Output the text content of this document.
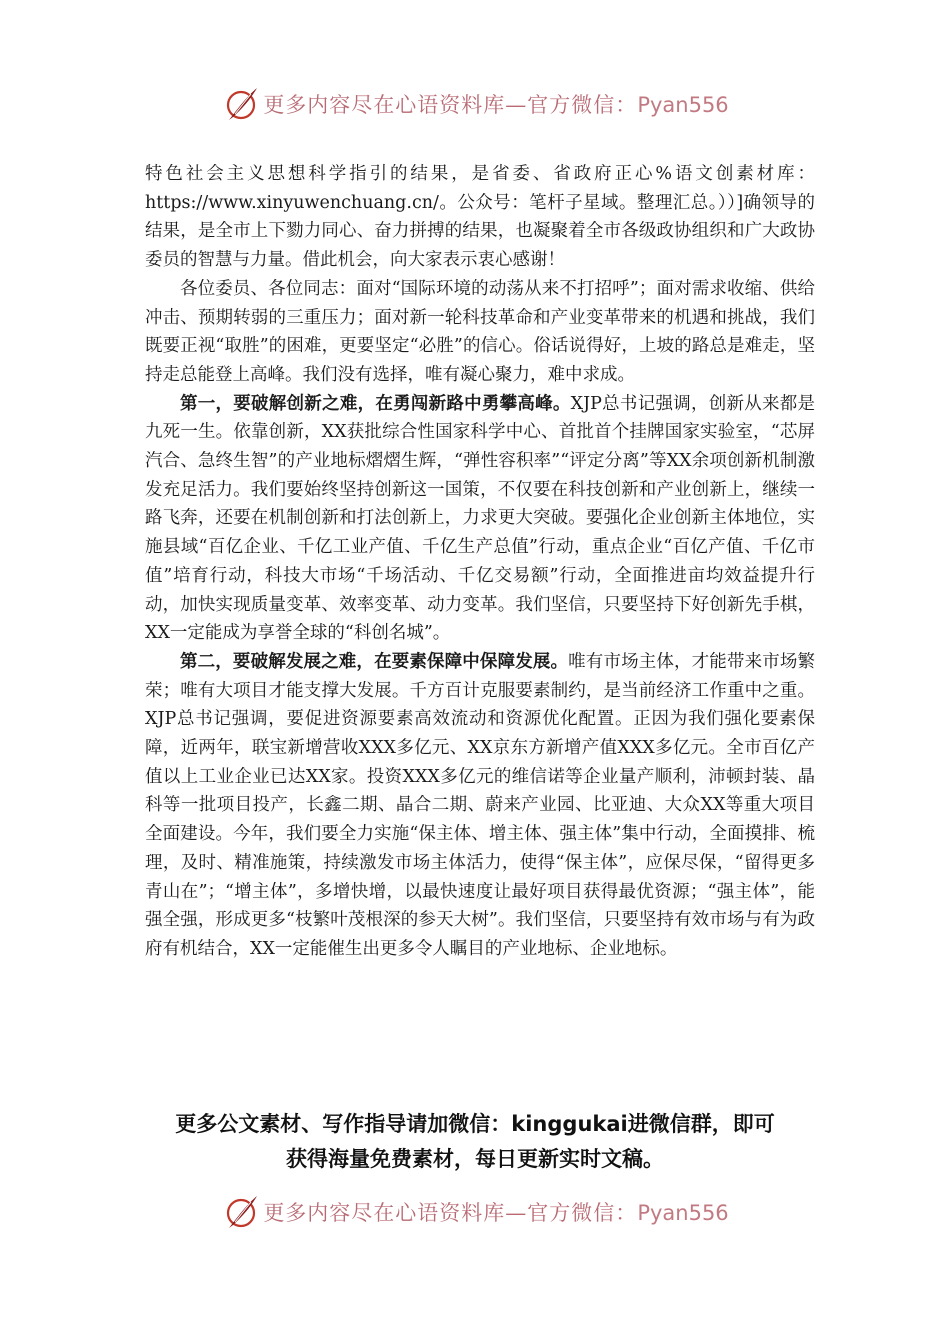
更多内容尽在心语资料库—官方微信：Pyan556

特色社会主义思想科学指引的结果，是省委、省政府正心%语文创素材库：https://www.xinyuwenchuang.cn/。公众号：笔杆子星域。整理汇总。））]确领导的结果，是全市上下勠力同心、奋力拼搏的结果，也凝聚着全市各级政协组织和广大政协委员的智慧与力量。借此机会，向大家表示衷心感谢！

各位委员、各位同志：面对“国际环境的动荡从来不打招呼”；面对需求收缩、供给冲击、预期转弱的三重压力；面对新一轮科技革命和产业变革带来的机遇和挑战，我们既要正视“取胜”的困难，更要坚定“必胜”的信心。俗话说得好，上坡的路总是难走，坚持走总能登上高峰。我们没有选择，唯有凝心聚力，难中求成。

第一，要破解创新之难，在勇闯新路中勇攀高峰。XJP总书记强调，创新从来都是九死一生。依靠创新，XX获批综合性国家科学中心、首批首个挂牌国家实验室，“芯屏汽合、急终生智”的产业地标熠熠生辉，“弹性容积率”“评定分离”等XX余项创新机制激发充足活力。我们要始终坚持创新这一国策，不仅要在科技创新和产业创新上，继续一路飞奔，还要在机制创新和打法创新上，力求更大突破。要强化企业创新主体地位，实施县域“百亿企业、千亿工业产值、千亿生产总值”行动，重点企业“百亿产值、千亿市值”培育行动，科技大市场“千场活动、千亿交易额”行动，全面推进亩均效益提升行动，加快实现质量变革、效率变革、动力变革。我们坚信，只要坚持下好创新先手棋，XX一定能成为享誉全球的“科创名城”。

第二，要破解发展之难，在要素保障中保障发展。唯有市场主体，才能带来市场繁荣；唯有大项目才能支撑大发展。千方百计克服要素制约，是当前经济工作重中之重。XJP总书记强调，要促进资源要素高效流动和资源优化配置。正因为我们强化要素保障，近两年，联宝新增营收XXX多亿元、XX京东方新增产值XXX多亿元。全市百亿产值以上工业企业已达XX家。投资XXX多亿元的维信诺等企业量产顺利，沛顿封装、晶科等一批项目投产，长鑫二期、晶合二期、蔚来产业园、比亚迪、大众XX等重大项目全面建设。今年，我们要全力实施“保主体、增主体、强主体”集中行动，全面摸排、梳理，及时、精准施策，持续激发市场主体活力，使得“保主体”，应保尽保，“留得更多青山在”；“增主体”，多增快增，以最快速度让最好项目获得最优资源；“强主体”，能强全强，形成更多“枝繁叶茂根深的参天大树”。我们坚信，只要坚持有效市场与有为政府有机结合，XX一定能催生出更多令人瞩目的产业地标、企业地标。

更多公文素材、写作指导请加微信：kinggukai进微信群，即可
获得海量免费素材，每日更新实时文稿。
更多内容尽在心语资料库—官方微信：Pyan556
